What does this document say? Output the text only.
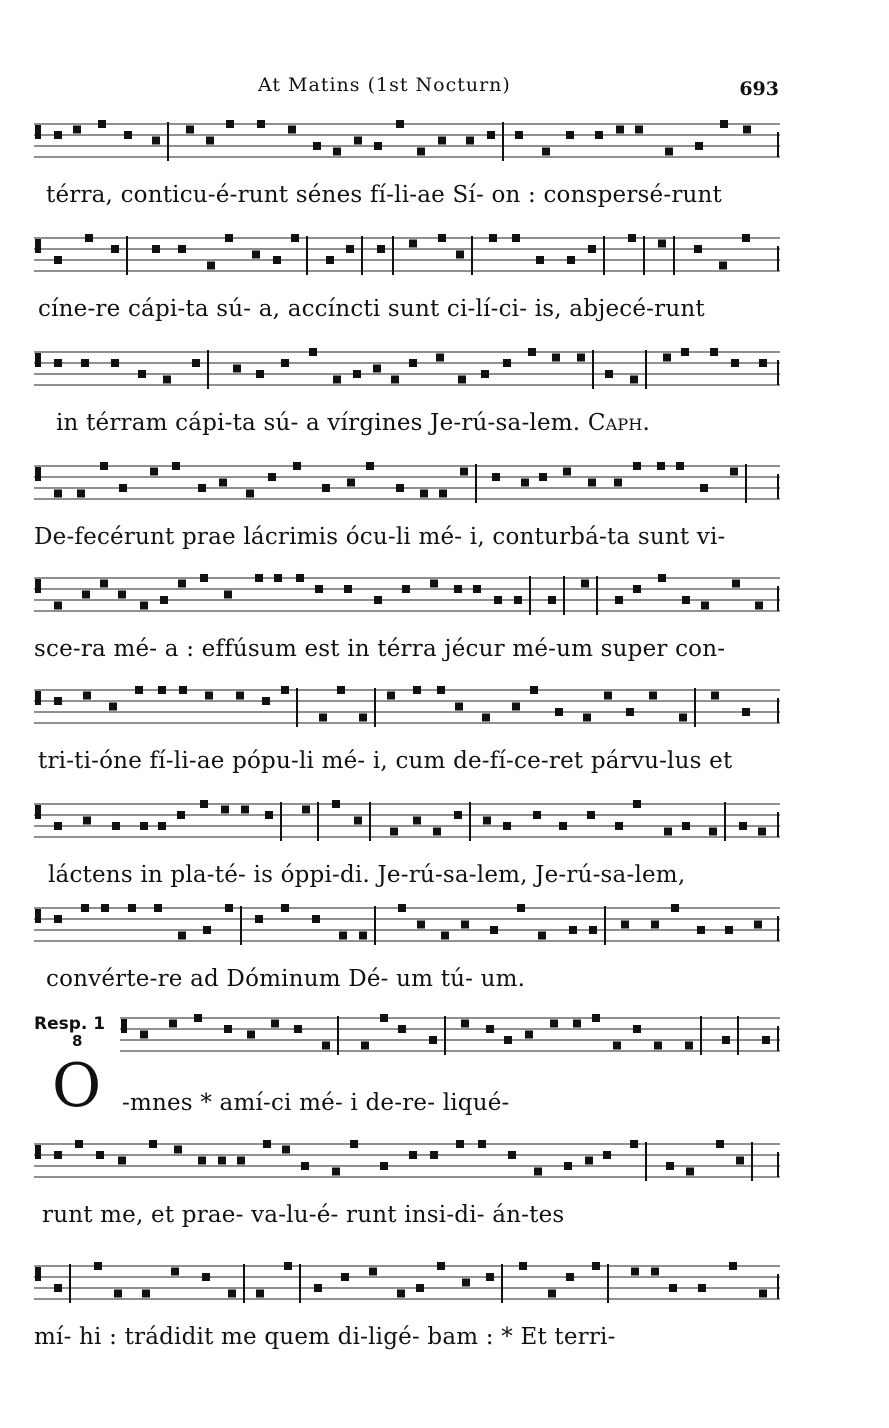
At Matins (1st Nocturn)	693
térra, conticu-é-runt sénes fí-li-ae Sí- on : conspersé-runt
cíne-re cápi-ta sú- a, accíncti sunt ci-lí-ci- is, abjecé-runt
in térram cápi-ta sú- a vírgines Je-rú-sa-lem. Caph.
De-fecérunt prae lácrimis ócu-li mé- i, conturbá-ta sunt vi-
sce-ra mé- a : effúsum est in térra jécur mé-um super con-
tri-ti-óne fí-li-ae pópu-li mé- i, cum de-fí-ce-ret párvu-lus et
láctens in pla-té- is óppi-di. Je-rú-sa-lem, Je-rú-sa-lem,
convérte-re ad Dóminum Dé- um tú- um.
Resp. 1
8
O -mnes * amí-ci mé- i de-re- liqué-
runt me, et prae- va-lu-é- runt insi-di- án-tes
mí- hi : trádidit me quem di-ligé- bam : * Et terri-
